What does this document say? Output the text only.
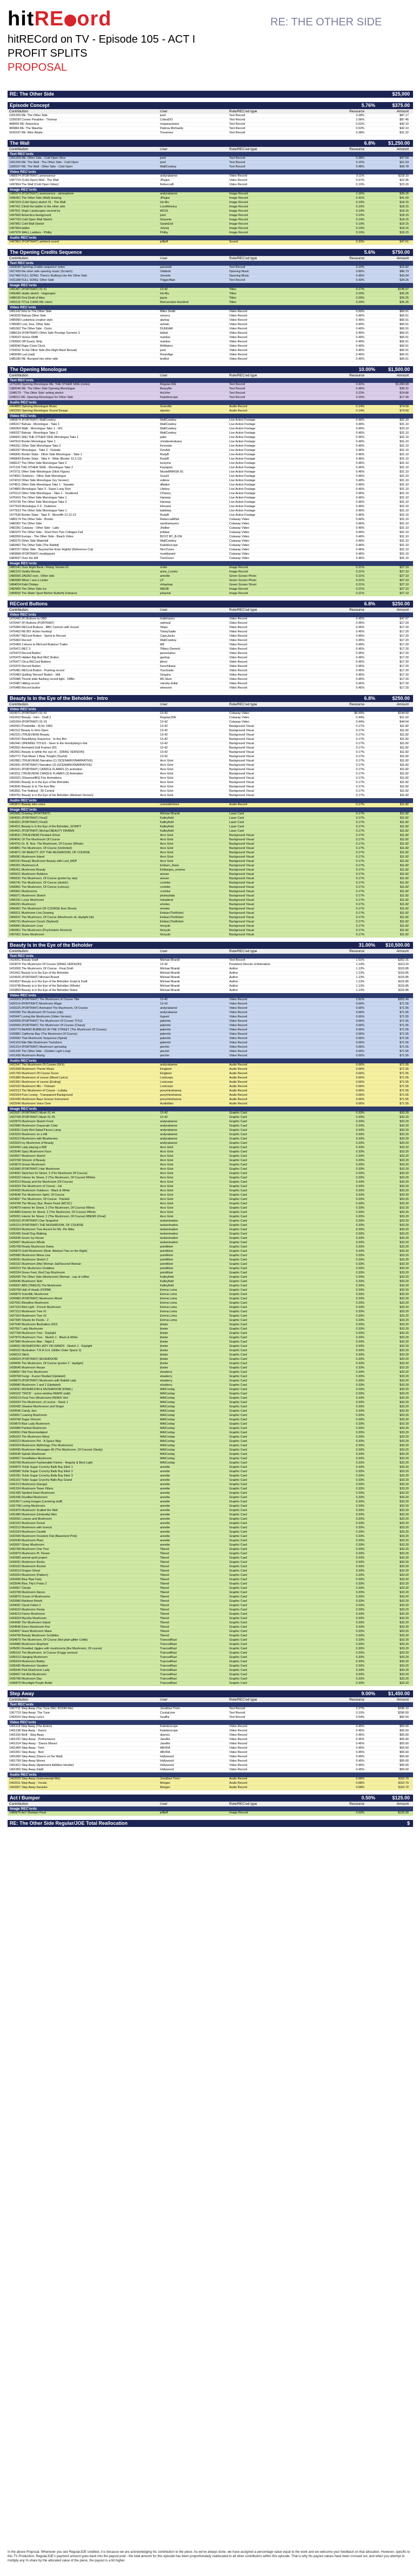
hitRE ord	RE: THE OTHER SIDE
hitRECord on TV - Episode 105 - ACT I
PROFIT SPLITS
PROPOSAL
RE: The Other Side	$25,000
Episode Concept	5.76%	$375.00
Contribution	User	Role/REC'ed type	Resource	Amount
1301259 RE: The Other Side	joed	Text Record	3.28%	$87.17
1339230 Cosmo Parables - Thomas	CobraDO	Text Record	1.06%	$87.45
468000 RE: Antarctica	megaraumane	Text Record	0.52%	$42.10
490884 RE: The Mauritia	Patricia Michaelis	Text Record	0.52%	$42.10
0150197 RE: Wire Waste	Tresemes	Text Record	0.38%	$31.22
The Wall	6.8%	$1,250.00
Contribution	User	Role/REC'ed type	Resource	Amount
Text REC'ords
1301259 RE: Other Side - Cold Open Slice	joed	Text Record	0.38%	$47.50
1301259 RE: The Wall - The Other Side - Cold Open	joed	Text Record	0.15%	$21.53
1399107 RE: The Wall - Other Side - Cold Open	WallCowboy	Text Record	0.48%	$99.78
Video REC'ords
1480874 (PORTRAIT) annessence	andyrabanne	Video Record	0.11%	$118.10
1497719 (Cold Open) Wall - The Wall	JPaijee	Video Record	0.57%	$22.96
1497864 The Wall (Cold Open Video)	RebeccaB	Video Record	0.19%	$23.20
Image REC'ords
1480874 (PORTRAIT) annessence - atmosphere	andyrabanne	Image Record	1.15%	$39.15
1496451 The Other Side (Wall) drawing	JPaijee	Image Record	0.41%	$41.50
1497319 (Cold Open) sketch 01 - The Wall	Ho-Mu	Image Record	0.19%	$18.15
1497411 Climb the ladder to the other side	LucieMonica	Image Record	0.19%	$18.15
1497511 Virgin Landscapes second try	MCOL	Image Record	0.19%	$18.15
1497660 Antarctica background	joed	Image Record	0.19%	$18.15
1497703 Cold Open Wall Sketch	Gwynnie	Image Record	0.19%	$18.15
1497891 Cold Wall Sketch	SarahZed	Image Record	0.19%	$18.15
1497904 ladder	Jonnoj	Image Record	0.19%	$18.15
1497976 WALL Ladders - Philby	Philby	Image Record	0.19%	$18.15
Audio REC'ords
1497862 (PORTRAIT) ambient sound	jeffjeff	Sound	0.33%	$47.61
The Opening Credits Sequence	5.6%	$750.00
Contribution	User	Role/REC'ed type	Resource	Amount
Text REC'ords
1393046 Opening Credits sequence notes	panandd	Text Record	0.10%	$15.82
1417429 the other side opening music (Scratch)	Viddesh	Opening Music	0.86%	$86.73
1417465 FULL SONG: There's Nothing Like the Other Side	Jennoto	Opening Music	0.45%	$42.64
1421188 FULL SONG: Other Side	TriggerAlan	Text Record	0.43%	$34.26
Image REC'ords
1451857 (PORTRAIT) 01 #1	13-42	Titles	0.17%	$145.57
1456460 studio sketch - Hagreaper	Ho-Mu	Titles	0.29%	$35.25
1488190 First Draft of titles	jayne	Titles	0.29%	$35.25
1459116 TITLE CARD RE colors	Manuscripts-Hundred	Titles	0.29%	$35.25
Video REC'ords
1451142 Intro to The Other Side	Miles Smith	Video Record	0.50%	$66.51
1463025 Bahuia Other Side	sinoocs	Video Record	0.45%	$66.51
1485990 Lookintoa creative style	akshay	Video Record	0.45%	$66.51
1785082 Lost, less, Other Side	ashwin	Video Record	0.40%	$66.51
1481062 The Other Side - Outro	DUNGAR	Video Record	0.40%	$66.51
1488134 (PORTRAIT) Other Side Prestige Summer 3	bebek	Video Record	0.40%	$66.51
1783523 Venice RMB	mantiss	Video Record	0.40%	$66.51
1783560 Off Scenic Ship	mantiss	Video Record	0.40%	$66.51
1483640 Rape Crisis Clock	MrWaters	Video Record	0.40%	$66.51
1794162 To the Other Side (the Right Bank Bonsai)	joed	Video Record	0.40%	$66.51
1483648 Lost (sad)	RoninAge	Video Record	0.40%	$66.51
1485180 RE: Bumped into other side	brelliot	Video Record	0.40%	$66.51
The Opening Monologue	10.00%	$1,500.00
Contribution	User	Role/REC'ed type	Resource	Amount
Text REC'ords
1375289 Opening Monologue RE: THE OTHER SIDE (notes)	RegularJOE	Text Record	0.41%	$1,083.90
1380046 RE: The Other Side Opening Monologue	BeezyBe	Text Record	0.46%	$38.31
1348179 - 'The Other Side' writing sketch	ArtJohn	Text Record	0.23%	$24.86
1348111 RE: Opening Monologue for Other Side	Kaleidoscope	Text Record	0.25%	$17.40
Audio REC'ords
1404800 Opening Monologue Music	Graeville	Audio Record	0.14%	$74.50
1402260 Opening Monologue Sound Design	elpedro	Audio Record	0.14%	$74.50
Video REC'ords
1480874 (PORTRAIT) WallCowboy	WallCowboy	Live Action Footage	0.46%	$92.20
1406317 Bahuia - Monologue - Take 1	WallCowboy	Live Action Footage	0.46%	$31.10
1406304 Walk - Monologue Take 1 - 001	WallCowboy	Live Action Footage	0.46%	$23.10
1406327 Bahuia - Monologue Take 2	WallCowboy	Live Action Footage	0.46%	$31.10
1440831 (RE) THE OTHER SIDE Monologue Take 1	pabs	Live Action Footage	0.46%	$31.10
1447616 Border Monologue Take 1	christinekrakana	Live Action Footage	0.46%	$31.10
1466261 Other Side Monologue Take 2	Kevrotan	Live Action Footage	0.46%	$31.10
1466337 Monologue - Take 2 - Outside	DooAdr	Live Action Footage	0.46%	$31.10
1466841 Border State - Other Side Monologue - Take 1	RudyB	Live Action Footage	0.46%	$31.10
1466843 Border State - Take 4 - Wide (Border 12.3.13)	RudyB	Live Action Footage	0.46%	$31.10
1468127 The Other Side Monologue Take 2	luckyme	Live Action Footage	0.46%	$31.10
1471116 THE OTHER SIDE - Monologue Take 2	Kaylapoa	Live Action Footage	0.46%	$31.10
1473711 Other Side Monologue (Stick Figure)	NicoleBRRISK 81	Live Action Footage	0.46%	$31.10
1474001 Outdoors - Other Side Monologue	SuzyH	Live Action Footage	0.46%	$31.10
1474210 Other Side Monologue (Ivy Version)	sollene	Live Action Footage	0.46%	$31.10
1474611 Other Side Monologue Take 1 - Sweater	dfbaker	Live Action Footage	0.46%	$31.10
1474800 Monologue Take 3 - Super Long Shot	Lifeboy	Live Action Footage	0.46%	$31.10
1476113 Other Side Monologue - Take 1 - Unaltered	CDaney	Live Action Footage	0.46%	$31.10
1476416 The Other Side Monologue Take 1	Hanway	Live Action Footage	0.46%	$31.10
1476736 The Other Side Monologue Take 2	Hanway	Live Action Footage	0.46%	$31.10
1477618 Monologue 2-3 - Outdoors	klmcane	Live Action Footage	0.46%	$31.10
1477623 The Other Side Monologue Take 1	baldstep	Live Action Footage	0.46%	$31.10
1477636 Border State - Take 6 - Monolith 12.12.13	RudyB	Live Action Footage	0.46%	$31.10
1480174 The Other Side - Border	RebeccaAtNet	Cutaway Video	0.46%	$31.10
1480302 The Other Side	sandrameyers	Cutaway Video	0.46%	$31.10
1482281 Cutaway - Other Side - Lake	Jhelber	Cutaway Video	0.46%	$31.10
1482370 The Other Side - Short from Two Cottages Fall	jmbtaw	Cutaway Video	0.46%	$31.10
1482656 Europe - The Other Side - Beach Video	BOYZ BY_B-ON	Cutaway Video	0.46%	$31.10
1483270 Other Side Waterfall	WallCowboy	Cutaway Video	0.46%	$31.10
1483462 The Other Side (The Rabbit)	Kaleidoscope	Cutaway Video	0.46%	$31.10
1483707 Other Side - Beyond the Even Hights! (Reference Cut)	NicoTunes	Cutaway Video	0.46%	$31.10
1483898 (PORTRAIT) muddypaint	muddypaint	Cutaway Video	0.46%	$31.10
1483937 Over the Hill	TomGreen	Cutaway Video	0.46%	$31.10
Image REC'ords
1481041 Over Right Bank / Rising Tomato 01	motiv	Image Record	0.21%	$27.10
1481123 Vanilla Woods	anne_Lcooks	Image Record	0.21%	$27.10
1482666 ZAGRZ over.. Other side	annette	Green Screen Photo	0.21%	$27.10
1482689 When I see a Linder	LP	Green Screen Photo	0.21%	$27.10
1484024 Kidd Chimps	mhaytraq	Green Screen Shoot	0.21%	$27.10
1482906 The Other Side Ice	MEGB	Image Record	0.21%	$27.10
1484500 The Water Sport Before Butterfly Entrance	juliaclub	Image Record	0.21%	$27.10
RECord Buttons	6.8%	$250.00
Contribution	User	Role/REC'ed type	Resource	Amount
Video REC'ords
1476443 (P) Buttons to DBD	Indiehaven	Video Record	0.45%	$47.07
1476447 (P) Buttons (PORTRAIT)	oatmeal	Video Record	0.45%	$17.20
1476450 RECord Buttons - BBC Cartoon with Sound	Stripe	Video Record	0.45%	$17.20
1476453 RE BO: Action hunting!	TwistySadie	Video Record	0.45%	$17.20
1476457 RECord Button - Sprint to Record	CapnJacks	Video Record	0.45%	$17.20
1476462 Record	WallCowboy	Video Record	0.45%	$17.20
1476469 3 Hours to RE/cord Buttons/ Trailer	M8	Video Record	0.45%	$17.20
1476471 REC 3	Tiffany Demerit	Video Record	0.45%	$17.20
1476473 Record Button	jamessahur	Video Record	0.45%	$17.20
1476475 Hidden Big Red REC Button	gastrop	Video Record	0.45%	$17.20
1476477 Circa RECord Buttons	jbhoo	Video Record	0.45%	$17.20
1476479 Record Button	Kanchikane	Video Record	0.45%	$17.20
1476481 RECord Button - Pushing record	TourGuide	Video Record	0.45%	$17.20
1476483 Quilting 'Record' Button - Still	Sequins	Video Record	0.45%	$17.20
1476485 Thumb slide flashing record light - 15fBz	MC blum	Video Record	0.45%	$17.20
1476487 Hitting record	claretty-dollar	Video Record	0.45%	$17.20
1476489 Record button	wheezen	Video Record	0.45%	$17.20
Beauty Is in the Eye of the Beholder - Intro	6.8%	$250.00
Contribution	User	Role/REC'ed type	Resource	Amount
Video REC'ords
1419071 (PORTRAIT) 01 #2	13-42	Cutaway Video	$0.00%	$144.50
1419410 Beauty - Intro - Draft 2	RegularJOE	Cutaway Video	0.44%	$21.02
1431004 (PORTRAIT) 01 #3	13-42	Cutaway Video	0.44%	$44.54
1452001 Prostetiitis - 8) for 1950	13-42	Background Visual	0.17%	$11.82
1452111 Beauty Is Intro Open	13-42	Background Visual	0.17%	$11.82
1452221 (TRUEVIEW) Beauty	13-42	Background Visual	0.17%	$11.82
1452331 Beautifying Sequence - to tiny film	13-42	Background Visual	0.17%	$11.82
1452441 OPENING TITLES - Seen in the Hornbyking's Hat	13-42	Background Visual	0.17%	$11.82
1452551 Animated Gall Frames 001	13-42	Background Visual	0.17%	$11.82
1452661 Beauty is within the eye of... (DRAG VERSION)	13-42	Background Visual	0.17%	$11.82
1452771 That Mean 1 Bear Tonight (Tourist)	13-42	Background Visual	0.17%	$11.82
1452881 (TRUEVIEW) Narration (1) (SCENARIO/NARRATIVE)	Acro Grist	Background Visual	0.17%	$11.82
1452991 (PORTRAIT) Narration (2) (SCENARIO/NARRATIVE)	Acro Grist	Background Visual	0.17%	$11.82
1453101 (PORTRAIT) CANDLE FLAMES (2) animation	Acro Grist	Background Visual	0.17%	$11.82
1453211 (TRUEVIEW) CANDLE FLAMES (2) Animation	Acro Grist	Background Visual	0.17%	$11.82
1453321 (ShowreelBG) Fire Animations	Acro Grist	Background Visual	0.17%	$11.82
1453431 Beauty Is in the Eye of the Beholder	Acro Grist	Background Visual	0.17%	$11.82
1453541 Beauty Is In The Eye Bits	Acro Grist	Background Visual	0.17%	$11.82
1453651 The Nutbeat - 00 Central	Acro Grist	Background Visual	0.17%	$11.82
1453761 Beauty is in the Eye of the Beholder (Abstract Version)	Acro Grist	Background Visual	0.17%	$11.82
Audio REC'ords
1453871 Beauty intro voice	ryoinsideVoice	Audio Record	0.17%	$11.82
Image REC'ords
1453981 Drawing (PORTRAIT)	Michael Brandi	Laser Card	0.17%	$11.82
1454091 (PORTRAIT) Final2	Kalleyfield	Laser Card	0.17%	$11.82
1454201 (PORTRAIT) Final3	Kalleyfield	Laser Card	0.17%	$11.82
1454311 Beauty is in the Eye of the Beholder_SCRIPT	Kalleyfield	Laser Card	0.17%	$11.82
1454421 (PORTRAIT) Michael BEAUTY DRAWN	Kalleyfield	Laser Card	0.17%	$11.82
1454531 (TRUEVIEW) Pendant Ghost	Acro Grist	Background Visual	0.17%	$11.82
1454641 Of The Mushroom Of Course	Acro Grist	Background Visual	0.17%	$11.82
1454751 Dr. R. Nox: The Mushroom, Of Course (Whole)	Acro Grist	Background Visual	0.17%	$11.82
1454861 The Mushroom, Of Course (Unlimited)	Acro Grist	Background Visual	0.17%	$11.82
1454971 OK BEAUTY JOY THE MUSHROOM, OF COURSE	Acro Grist	Background Visual	0.17%	$11.82
1455081 Mushroom Island	Acro Grist	Background Visual	0.17%	$11.82
1455191 Beauty Mushroom Beauty with Lord_MDP	Acro Grist	Background Visual	0.17%	$11.82
1455301 Mushroom A	Embarc_Raza	Background Visual	0.17%	$11.82
1455411 Mushroom Beauty	Embargos_reveme	Background Visual	0.17%	$11.82
1455521 Mushroom Rubbers	amuse	Background Visual	0.17%	$11.82
1455631 The Mushroom, Of Course (poster by uka)	amuse	Background Visual	0.17%	$11.82
1455741 The Mushroom, Of Course (sketch)	ccombe	Background Visual	0.17%	$11.82
1455851 The Mushroom, Of Course (colours)	ccombe	Background Visual	0.17%	$11.82
1455961 Mushrooms	ccombe	Background Visual	0.17%	$11.82
1456071 Mushroom Sketch	pirateydata	Background Visual	0.17%	$11.82
1456181 Lunar Mushroom	mleaderst	Background Visual	0.17%	$11.82
1456291 Mushroom	emotes	Background Visual	0.17%	$11.82
1456401 The Mushroom OF COURSE Ikon Shoots	emotes	Background Visual	0.17%	$11.82
1456511 Mushroom Line Drawing	EmbarcTheRobot	Background Visual	0.17%	$11.82
1456621 The Mushroom, Of Course (Mushroom sit, daylight ink)	EmbarcTheRobot	Background Visual	0.17%	$11.82
1456731 Mushroom Couch (Stylized)	EmbarcTheRobot	Background Visual	0.17%	$11.82
1456841 Mushroom Love	hiroyuki	Background Visual	0.17%	$11.82
1456951 The Mushroom (Psychedelic Moment)	hiroyuki	Background Visual	0.17%	$11.82
1457061 Some Mushroom	hiroyuki	Background Visual	0.17%	$11.82
Beauty Is in the Eye of the Beholder	31.00% $10,500.00
Contribution	User	Role/REC'ed type	Resource	Amount
Text REC'ords
1419051 Beauty Draft	Michael Brandi	Text Record	1.51%	$302.31
1419076 The Mushroom Of Course (DRAG VERSION)	13-42	President Director of Animation	1.13%	$113.20
1419300 The Mushroom, Of Course - Final Draft	Michael Brandi	Author	1.13%	$115.85
1419411 Beauty Is in the Eye of the Beholder	Michael Brandi	Author	1.13%	$115.85
1419526 (PORTRAIT) Michael Brandi	Michael Brandi	Author	1.13%	$115.85
1419637 Beauty is in the Eye of the Beholder Script & Draft	Michael Brandi	Author	1.13%	$115.85
1419748 Beauty is in the Eye of the Beholder (Whole)	Michael Brandi	Author	1.13%	$115.85
1419859 Beauty is in the Eye of the Beholder Notes	Michael Brandi	Author	1.13%	$115.85
Video REC'ords
1420003 (PORTRAIT) The Mushroom of Course Title	13-42	Video Record	2.81%	$352.40
1420114 (PORTRAIT) Mushroom Magic	13-42	Video Record	0.66%	$71.55
1420225 (PORTRAIT) Animated The Mushroom, Of Course	andyrabanne	Video Record	0.66%	$71.55
1420336 The Mushroom Of Course (clip)	andyrabanne	Video Record	0.66%	$71.55
1420447 Loving the Mushroom (Video Version)	Ingvart	Video Record	0.66%	$71.55
1420558 (PORTRAIT) The Mushroom Of Course TITLE	jaderrito	Video Record	0.66%	$71.55
1420669 (PORTRAIT) The Mushroom Of Course (Chaos)	jaderrito	Video Record	0.66%	$71.55
1420770 BEARD BUBBLES IN THE STREET (The Mushroom Of Course)	jaderrito	Video Record	0.66%	$71.55
1420881 California Bay (The Mushroom Of Course)	jaderrito	Video Record	0.66%	$71.55
1420992 That Mushroom Sequence (Spiral)	jaderrito	Video Record	0.66%	$71.55
1421103 Nite Nite Mushroom Transform	jaderrito	Video Record	0.66%	$71.55
1421214 (PORTRAIT) Mushroom sprouting	piechin	Video Record	0.66%	$71.55
1421325 The Other Side - (Golden Light Loop)	piechin	Video Record	0.66%	$71.55
1421436 Mushroom Rising	piechin	Video Record	0.66%	$71.55
Audio REC'ords
1421547 The Mushroom Of Course (SFX)	andyrabanne	Audio Record	0.66%	$71.55
1421658 Mushroom Theme Music	Eingbenr	Audio Record	0.66%	$71.55
1421769 Mushroom Of Course Score	Eingbenr	Audio Record	0.66%	$71.55
1421880 Mushroom of course (Mixed Lyrics)	Lostcorpo	Audio Record	0.66%	$71.55
1421991 Mushroom of course (Ending)	Lostcorpo	Audio Record	0.66%	$71.55
1422102 Mushroom Mix ~ Flotsam	Lostcorpo	Audio Record	0.66%	$71.55
1422213 The Mushroom of Course - Lullaby	ponyrhinohanna	Audio Record	0.66%	$71.55
1422324 Pure Loving - Transparent Background	ponyrhinohanna	Audio Record	0.66%	$71.55
1422435 Mushroom Bass Groove Instrument	ponyrhinohanna	Audio Record	0.66%	$71.55
1422546 Mushroom Voice Over	AudioMan	Audio Record	0.66%	$71.55
Image REC'ords
1422657 (PORTRAIT) Mush 01 #4	13-42	Graphic Card	0.33%	$33.20
1422768 (PORTRAIT) Mush 01 #5	13-42	Graphic Card	0.33%	$33.20
1422879 Mushroom Sketch Front	andyrabanne	Graphic Card	0.33%	$33.20
1422980 Mushroom Grayscale Color	andyrabanne	Graphic Card	0.33%	$33.20
1423091 Early Bird Salad Pieces Lamp	andyrabanne	Graphic Card	0.33%	$33.20
1423102 Mushroom on a Hill	andyrabanne	Graphic Card	0.33%	$33.20
1423213 Mushroom with Blueberries	andyrabanne	Graphic Card	0.33%	$33.20
1423324 Ivy Mushroom of Beauty	andyrabanne	Graphic Card	0.33%	$33.20
1423435 Lady playing a 808	Acro Grist	Graphic Card	0.33%	$33.20
1423546 Spicy Mushroom Face	Acro Grist	Graphic Card	0.33%	$33.20
1423657 Mushroom Sketch	Acro Grist	Graphic Card	0.33%	$33.20
1423768 Shroom of Beauty	Acro Grist	Graphic Card	0.33%	$33.20
1423879 Grown Mushroom	Acro Grist	Graphic Card	0.33%	$33.20
1423980 (PORTRAIT) Hair Mushroom	Acro Grist	Graphic Card	0.33%	$33.20
1424091 Sketches for Street, 2 (The Mushroom Of Course)	Acro Grist	Graphic Card	0.33%	$33.20
1424102 Interior for Street, 2 (The Mushroom, Of Course) RMmix	Acro Grist	Graphic Card	0.33%	$33.20
1424213 Beauty and the Mushroom (Of Course)	Acro Grist	Graphic Card	0.33%	$33.20
1424324 The Mushroom of Course - Ink	Acro Grist	Graphic Card	0.33%	$33.20
1424435 Mushroom Outdoors - Black & White	Acro Grist	Graphic Card	0.33%	$33.20
1424546 The Mushroom Spirit, Of Course	Acro Grist	Graphic Card	0.33%	$33.20
1424657 The Mushroom, Of Course - Painted	Acro Grist	Graphic Card	0.33%	$33.20
1424768 The Mossy, Bye, Bears Feast (MCSC)	Acro Grist	Graphic Card	0.33%	$33.20
1424879 Interior for Street, 2 (The Mushroom, Of Course) RBmix	Acro Grist	Graphic Card	0.33%	$33.20
1424980 Exterior for Street, 2 (The Mushroom, Of Course) RBmix	Acro Grist	Graphic Card	0.33%	$33.20
1425091 Interior for Street, 2 (The Mushroom, Of Course) RBEND (Final)	Acro Grist	Graphic Card	0.33%	$33.20
1425102 (PORTRAIT) Dan Snapshot	tardanimation	Graphic Card	0.33%	$33.20
1425213 (PORTRAIT) THE MUSHROOM, OF COURSE	tardanimation	Graphic Card	0.33%	$33.20
1425324 Mushroom Tree Ascent for Ms. Pie Mike	tardanimation	Graphic Card	0.33%	$33.20
1425435 Small Dog Walking	tardanimation	Graphic Card	0.33%	$33.20
1425546 Green Ivy House	tardanimation	Graphic Card	0.33%	$33.20
1425657 Mushroom Whole	tardanimation	Graphic Card	0.33%	$33.20
1425768 Ready Mushroom Gatos	pointillism	Graphic Card	0.33%	$33.20
1425879 Gold Mushroom (Note: Abstract Two on the Right)	pointillism	Graphic Card	0.33%	$33.20
1425980 Mushroom Mona Lisa	pointillism	Graphic Card	0.33%	$33.20
1426091 Mushroom Sketch 2	pointillism	Graphic Card	0.33%	$33.20
1426102 Mushroom (Me) Woman Jab/Second Woman	pointillism	Graphic Card	0.33%	$33.20
1426213 The Mushroom Goddess	pointillism	Graphic Card	0.33%	$33.20
1426324 Green Feet, Red Cap Mushroom	pointillism	Graphic Card	0.33%	$33.20
1426435 The Other Side (Mushroom) Woman - cup of coffee	Kalleyfield	Graphic Card	0.33%	$33.20
1426546 Mushroom Skirt	Kalleyfield	Graphic Card	0.33%	$33.20
1426657 ABS (TAKE/S) The Mushroom	Kalleyfield	Graphic Card	0.33%	$33.20
1426768 Hall of Heads (FORM)	Emma Loma	Graphic Card	0.33%	$33.20
1426879 Scientific Mushroom	Emma Loma	Graphic Card	0.33%	$33.20
1426980 (PORTRAIT) Mushroom Wood	Emma Loma	Graphic Card	0.33%	$33.20
1427091 Bloodline Mushroom	Emma Loma	Graphic Card	0.33%	$33.20
1427102 Bird Light - French Mushroom	Emma Loma	Graphic Card	0.33%	$33.20
1427213 Mushroom Tree #1	Emma Loma	Graphic Card	0.33%	$33.20
1427324 Mushroom Tree #2	Emma Loma	Graphic Card	0.33%	$33.20
1427435 Sheets for Feeds - 2	Emma Loma	Graphic Card	0.33%	$33.20
1427546 Mushroom Illustration 2015	jfoster	Graphic Card	0.33%	$33.20
1427657 Lady Mushroom	jfoster	Graphic Card	0.33%	$33.20
1427768 Mushroom Tree - Daylight	jfoster	Graphic Card	0.33%	$33.20
1427879 Mushroom Tree - Sketch 1 - Black & White	jfoster	Graphic Card	0.33%	$33.20
1427980 Mushroom Man - Night 2	jfoster	Graphic Card	0.33%	$33.20
1428091 MUSHROOM LADY ON SANDS - Sketch 1 - Daylight	jfoster	Graphic Card	0.33%	$33.20
1428102 Illustration: T.R.A.S.H. (Glitter Outer Space 2)	jfoster	Graphic Card	0.33%	$33.20
1428213 Stitch	jfoster	Graphic Card	0.33%	$33.20
1428324 (PORTRAIT) MUSHROOM	jfoster	Graphic Card	0.33%	$33.20
1428435 The Mushroom, Of Course (poster 2 - daylight)	jfoster	Graphic Card	0.33%	$33.20
1428546 Mushroom House	jfoster	Graphic Card	0.33%	$33.20
1428657 Old Tree Mushroom	elsaderry	Graphic Card	0.33%	$33.20
1428768 Fungi - Fuzzel Studied (Updated)	elsaderry	Graphic Card	0.33%	$33.20
1428879 (PORTRAIT) Mushroom with Rabbit Lady	elsaderry	Graphic Card	0.33%	$33.20
1428980 Mushroom 1 and 2 (Updated)	elsaderry	Graphic Card	0.33%	$33.20
1429091 MUSHROOM & MUSHROOM (FINAL)	MAICorday	Graphic Card	0.33%	$33.20
1429102 'TRICK' - sumo window REMIX (odd)	MAICorday	Graphic Card	0.33%	$33.20
1429213 Final Tree (Mushroom) REMIX Vert	MAICorday	Graphic Card	0.33%	$33.20
1429324 The Mushroom, of course - Stack 1	MAICorday	Graphic Card	0.33%	$33.20
1429435 Shadow Mushrooms and Shape	MAICorday	Graphic Card	0.33%	$33.20
1429546 Candy Jars	MAICorday	Graphic Card	0.33%	$33.20
1429657 Leaning Mushroom	MAICorday	Graphic Card	0.33%	$33.20
1429768 Sugar Shroom	MAICorday	Graphic Card	0.33%	$33.20
1429879 Blue Lady Mushroom	MAICorday	Graphic Card	0.33%	$33.20
1429980 Painted Mushroom	MAICorday	Graphic Card	0.33%	$33.20
1430091 Pink Bioremediated	MAICorday	Graphic Card	0.33%	$33.20
1430102 The Mushroom Mess	MAICorday	Graphic Card	0.33%	$33.20
1430213 Mushroom Pot - A Space Way	MAICorday	Graphic Card	0.33%	$33.20
1430324 Mushroom Mythology (The Mushroom)	MAICorday	Graphic Card	0.33%	$33.20
1430435 Mushroom Messages 40 (The Mushroom, Of Course) (Study)	MAICorday	Graphic Card	0.33%	$33.20
1430546 Spirals Mushroom	MAICorday	Graphic Card	0.33%	$33.20
1430657 Snowflakes Mushroom	MAICorday	Graphic Card	0.33%	$33.20
1430768 Mushroom Fashionable Fairies - Regular & Bent Light	MAICorday	Graphic Card	0.33%	$33.20
1430879 Tickle Sugar Crunchy Balls Buy Elixir 1	annette	Graphic Card	0.33%	$33.20
1430980 Tickle Sugar Crunchy Balls Buy Elixir 2	annette	Graphic Card	0.33%	$33.20
1431091 Tickle Sugar Crunchy Balls Buy Elixir 3	annette	Graphic Card	0.33%	$33.20
1431102 Tickle Sugar Crunchy Balls Buy Grand	annette	Graphic Card	0.33%	$33.20
1431213 Mushroom (Gangs)	annette	Graphic Card	0.33%	$33.20
1431324 Mushroom Tower Fillers	annette	Graphic Card	0.33%	$33.20
1431435 Spotted Giant Mushroom	annette	Graphic Card	0.33%	$33.20
1431546 Doodled Mushroom	annette	Graphic Card	0.33%	$33.20
1431657 Loving Images (Lamming stuff)	annette	Graphic Card	0.33%	$33.20
1431768 Loving Mushroom	annette	Graphic Card	0.33%	$33.20
1431879 Mushroom Scalled the Wall	annette	Graphic Card	0.33%	$33.20
1431980 Mushroom (Umbrella) Men	annette	Graphic Card	0.33%	$33.20
1432091 Leaves and Mushroom	annette	Graphic Card	0.33%	$33.20
1432102 Mushroom Forest	annette	Graphic Card	0.33%	$33.20
1432213 Mushroom with Insects	annette	Graphic Card	0.33%	$33.20
1432324 Mushroom Candle	annette	Graphic Card	0.33%	$33.20
1432435 Mushroom Freedom Flat (Basement Pink)	annette	Graphic Card	0.33%	$33.20
1432546 Mushroom Plant	annette	Graphic Card	0.33%	$33.20
1432657 Gluey Mushroom	annette	Graphic Card	0.33%	$33.20
1432768 Mushroom One Tree	Tibend	Graphic Card	0.33%	$33.20
1432879 Mushroom Pt. Flower	Tibend	Graphic Card	0.33%	$33.20
1432980 animal spirit project	Tibend	Graphic Card	0.33%	$33.20
1433091 Mushroom Rocks	Tibend	Graphic Card	0.33%	$33.20
1433102 Mushroom Rocket	Tibend	Graphic Card	0.33%	$33.20
1433213 Dragon Ghost	Tibend	Graphic Card	0.33%	$33.20
1433324 Mushroom (Pattern)	Tibend	Graphic Card	0.33%	$33.20
1433435 Blue Pipe Fairy	Tibend	Graphic Card	0.33%	$33.20
1433546 Blue, Pip's Frisks 2	Tibend	Graphic Card	0.33%	$33.20
1433657 Clouds	Tibend	Graphic Card	0.33%	$33.20
1433768 Mushroom Dance	Tibend	Graphic Card	0.33%	$33.20
1433879 Ocean of Mushrooms	Tibend	Graphic Card	0.33%	$33.20
1433980 Rainbow Reishi	Tibend	Graphic Card	0.33%	$33.20
1434091 Cloud Fallen 2	Tibend	Graphic Card	0.33%	$33.20
1434102 Mushroom Fiesta	Tibend	Graphic Card	0.33%	$33.20
1434213 Faerie Mushroom	Tibend	Graphic Card	0.33%	$33.20
1434324 Mycelia Mushroom	Tibend	Graphic Card	0.33%	$33.20
1434435 The Mushroom Island	Tibend	Graphic Card	0.33%	$33.20
1434546 Elven Mushroom Fire	Tibend	Graphic Card	0.33%	$33.20
1434657 Giant Mushroom Wave	Tibend	Graphic Card	0.33%	$33.20
1434768 Beauty Mushroom Scribbles	Tibend	Graphic Card	0.33%	$33.20
1434879 The Mushroom, Of Course (Not plain glitter Celtik)	TrancedRazi	Graphic Card	0.33%	$33.20
1434980 Mushroom Elephant	TrancedRazi	Graphic Card	0.33%	$33.20
1435091 Rowdied Jiggles with mushrooms [the Mushroom, Of course]	TrancedRazi	Graphic Card	0.33%	$33.20
1435102 The Mushroom, of Course (Foggy version)	TrancedRazi	Graphic Card	0.33%	$33.20
1435213 Hanging Mushroom	TrancedRazi	Graphic Card	0.33%	$33.20
1435324 Mushroom Bobby	TrancedRazi	Graphic Card	0.33%	$33.20
1435435 Mushroom Vacation	TrancedRazi	Graphic Card	0.33%	$33.20
1435546 Pink Mushroom Lady	TrancedRazi	Graphic Card	0.33%	$33.20
1435657 Ink Blot Mushroom	TrancedRazi	Graphic Card	0.33%	$33.20
1435768 Mushroom Day	TrancedRazi	Graphic Card	0.33%	$33.20
1435879 Moonlight Purple Bottle	TrancedRazi	Graphic Card	0.33%	$33.20
Step Away	9.00%	$1,450.00
Contribution	User	Role/REC'ed type	Resource	Amount
Text REC'ords
1367711 Step Away (You Tune DEC ROOM Mix)	Jonathan Trem	Text Record	2.27%	$336.10
1367719 Step Away: The Tune	CrystaLime	Text Record	0.10%	$280.50
1392015 Step Away Lyrics	SeaBis	Text Record	0.54%	$82.50
Video REC'ords
1401119 Step Away (The Action)	Kaleidoscope	Video Record	0.45%	$55.60
1401138 Step Away - Dance	Kaleidoscope	Video Record	0.45%	$55.60
1401150 Wolf - Step Away	drjones	Video Record	0.45%	$55.60
1401231 Step Away - Performance	Janellie	Video Record	0.45%	$55.60
1401314 Step Away - 'Dance Moves'	Janellie	Video Record	0.45%	$55.60
1401400 Step Away - Feet	ABVRA	Video Record	0.45%	$55.60
1401551 Step Away - Bed	ABVRA	Video Record	0.45%	$55.60
1401666 Step Away (Dance on the Wall)	Hollywood	Video Record	0.45%	$55.60
1401799 Step Away Moves	Hollywood	Video Record	0.45%	$55.60
1401812 Step Away (Apartment Addition Hoodie)	Hollywood	Video Record	0.45%	$55.60
1401950 Step Away (Hall)	Hollywood	Video Record	0.45%	$55.60
Audio REC'ords
1402003 Step Away (Instrumental Mix)	Jonathan Trem	Audio Record	0.68%	$110.70
1402011 Step Away - Vocals	Morgan	Audio Record	0.68%	$110.70
1402057 Step Away Karaoke	Morgan	Audio Record	0.68%	$110.70
Act I Bumper	0.50%	$125.00
Contribution	User	Role/REC'ed type	Resource	Amount
Image REC'ords
1480876 Act I Bumper Final	jeffjeff	Image Record	0.50%	$125.00
RE: The Other Side Regular/JOE Total Reallocation	$
In the above Proposal: Whenever you see RegularJOE credited, it is because we are acknowledging his contribution to the piece. As we've always done, we have assigned a percentage value equal to the work and we welcome your feedback on that allocation. However, specific to this TV Production, RegularJOE's payment amount goes back into the payout pool - the total amount for this episode has been proportionately reallocated to all other contributors within this episode. That is why his payout values have been crossed out, and when you attempt to multiply any % share by the allocated value of the piece, the payout is a bit higher.
